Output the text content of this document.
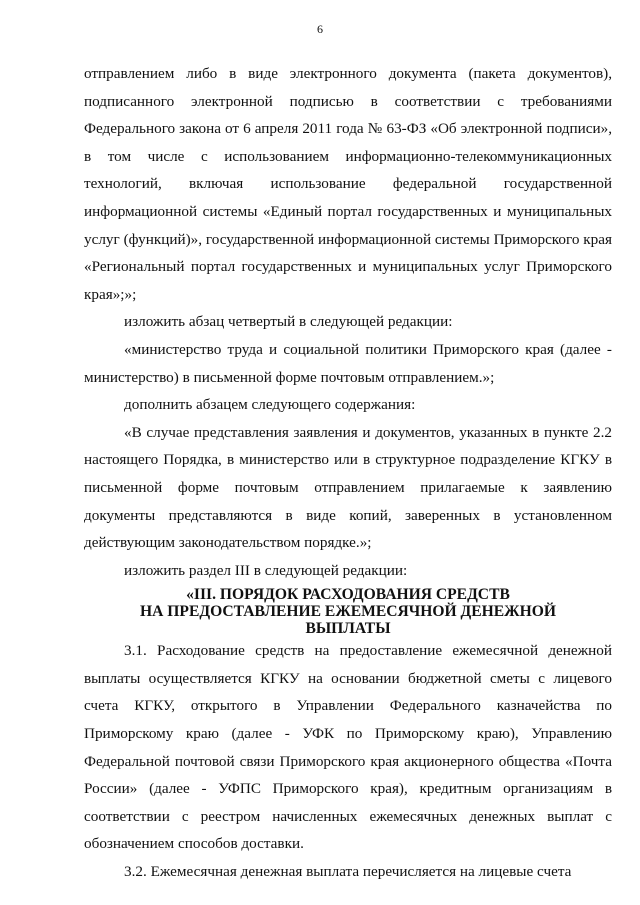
6

отправлением либо в виде электронного документа (пакета документов), подписанного электронной подписью в соответствии с требованиями Федерального закона от 6 апреля 2011 года № 63-ФЗ «Об электронной подписи», в том числе с использованием информационно-телекоммуникационных технологий, включая использование федеральной государственной информационной системы «Единый портал государственных и муниципальных услуг (функций)», государственной информационной системы Приморского края «Региональный портал государственных и муниципальных услуг Приморского края»;»;

изложить абзац четвертый в следующей редакции:

«министерство труда и социальной политики Приморского края (далее - министерство) в письменной форме почтовым отправлением.»;

дополнить абзацем следующего содержания:

«В случае представления заявления и документов, указанных в пункте 2.2 настоящего Порядка, в министерство или в структурное подразделение КГКУ в письменной форме почтовым отправлением прилагаемые к заявлению документы представляются в виде копий, заверенных в установленном действующим законодательством порядке.»;

изложить раздел III в следующей редакции:

«III. ПОРЯДОК РАСХОДОВАНИЯ СРЕДСТВ
НА ПРЕДОСТАВЛЕНИЕ ЕЖЕМЕСЯЧНОЙ ДЕНЕЖНОЙ
ВЫПЛАТЫ

3.1. Расходование средств на предоставление ежемесячной денежной выплаты осуществляется КГКУ на основании бюджетной сметы с лицевого счета КГКУ, открытого в Управлении Федерального казначейства по Приморскому краю (далее - УФК по Приморскому краю), Управлению Федеральной почтовой связи Приморского края акционерного общества «Почта России» (далее - УФПС Приморского края), кредитным организациям в соответствии с реестром начисленных ежемесячных денежных выплат с обозначением способов доставки.

3.2. Ежемесячная денежная выплата перечисляется на лицевые счета
